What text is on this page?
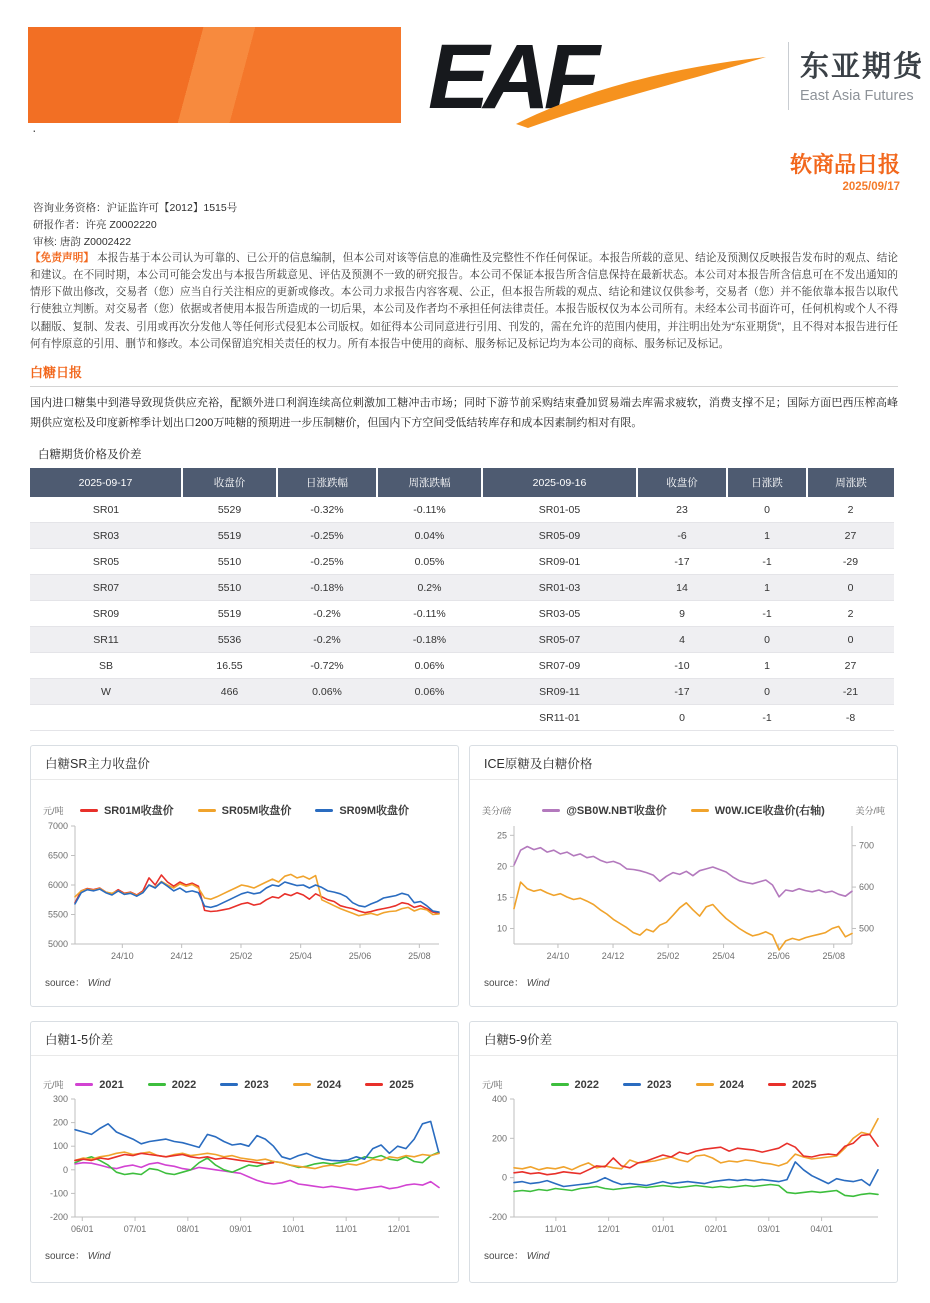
EAF	东亚期货
East Asia Futures
·
软商品日报
2025/09/17
咨询业务资格：沪证监许可【2012】1515号
研报作者：许亮 Z0002220
审核: 唐韵 Z0002422
【免责声明】 本报告基于本公司认为可靠的、已公开的信息编制，但本公司对该等信息的准确性及完整性不作任何保证。本报告所载的意见、结论及预测仅反映报告发布时的观点、结论和建议。在不同时期，本公司可能会发出与本报告所载意见、评估及预测不一致的研究报告。本公司不保证本报告所含信息保持在最新状态。本公司对本报告所含信息可在不发出通知的情形下做出修改，交易者（您）应当自行关注相应的更新或修改。本公司力求报告内容客观、公正，但本报告所载的观点、结论和建议仅供参考，交易者（您）并不能依靠本报告以取代行使独立判断。对交易者（您）依据或者使用本报告所造成的一切后果，本公司及作者均不承担任何法律责任。本报告版权仅为本公司所有。未经本公司书面许可，任何机构或个人不得以翻版、复制、发表、引用或再次分发他人等任何形式侵犯本公司版权。如征得本公司同意进行引用、刊发的，需在允许的范围内使用，并注明出处为“东亚期货”，且不得对本报告进行任何有悖原意的引用、删节和修改。本公司保留追究相关责任的权力。所有本报告中使用的商标、服务标记及标记均为本公司的商标、服务标记及标记。
白糖日报
国内进口糖集中到港导致现货供应充裕，配额外进口利润连续高位刺激加工糖冲击市场；同时下游节前采购结束叠加贸易端去库需求疲软，消费支撑不足；国际方面巴西压榨高峰期供应宽松及印度新榨季计划出口200万吨糖的预期进一步压制糖价，但国内下方空间受低结转库存和成本因素制约相对有限。
白糖期货价格及价差
2025-09-17	收盘价	日涨跌幅	周涨跌幅	2025-09-16	收盘价	日涨跌	周涨跌
SR01	5529	-0.32%	-0.11%	SR01-05	23	0	2
SR03	5519	-0.25%	0.04%	SR05-09	-6	1	27
SR05	5510	-0.25%	0.05%	SR09-01	-17	-1	-29
SR07	5510	-0.18%	0.2%	SR01-03	14	1	0
SR09	5519	-0.2%	-0.11%	SR03-05	9	-1	2
SR11	5536	-0.2%	-0.18%	SR05-07	4	0	0
SB	16.55	-0.72%	0.06%	SR07-09	-10	1	27
W	466	0.06%	0.06%	SR09-11	-17	0	-21
				SR11-01	0	-1	-8
白糖SR主力收盘价
元/吨	SR01M收盘价	SR05M收盘价	SR09M收盘价
5000
5500
6000
6500
7000
24/10	24/12	25/02	25/04	25/06	25/08
source： Wind
ICE原糖及白糖价格
美分/磅	@SB0W.NBT收盘价	W0W.ICE收盘价(右轴)	美分/吨
10
15
20
25
500
600
700
24/10	24/12	25/02	25/04	25/06	25/08
source： Wind
白糖1-5价差
元/吨	2021	2022	2023	2024	2025
-200
-100
0
100
200
300
06/01	07/01	08/01	09/01	10/01	11/01	12/01
source： Wind
白糖5-9价差
元/吨	2022	2023	2024	2025
-200
0
200
400
11/01	12/01	01/01	02/01	03/01	04/01
source： Wind
